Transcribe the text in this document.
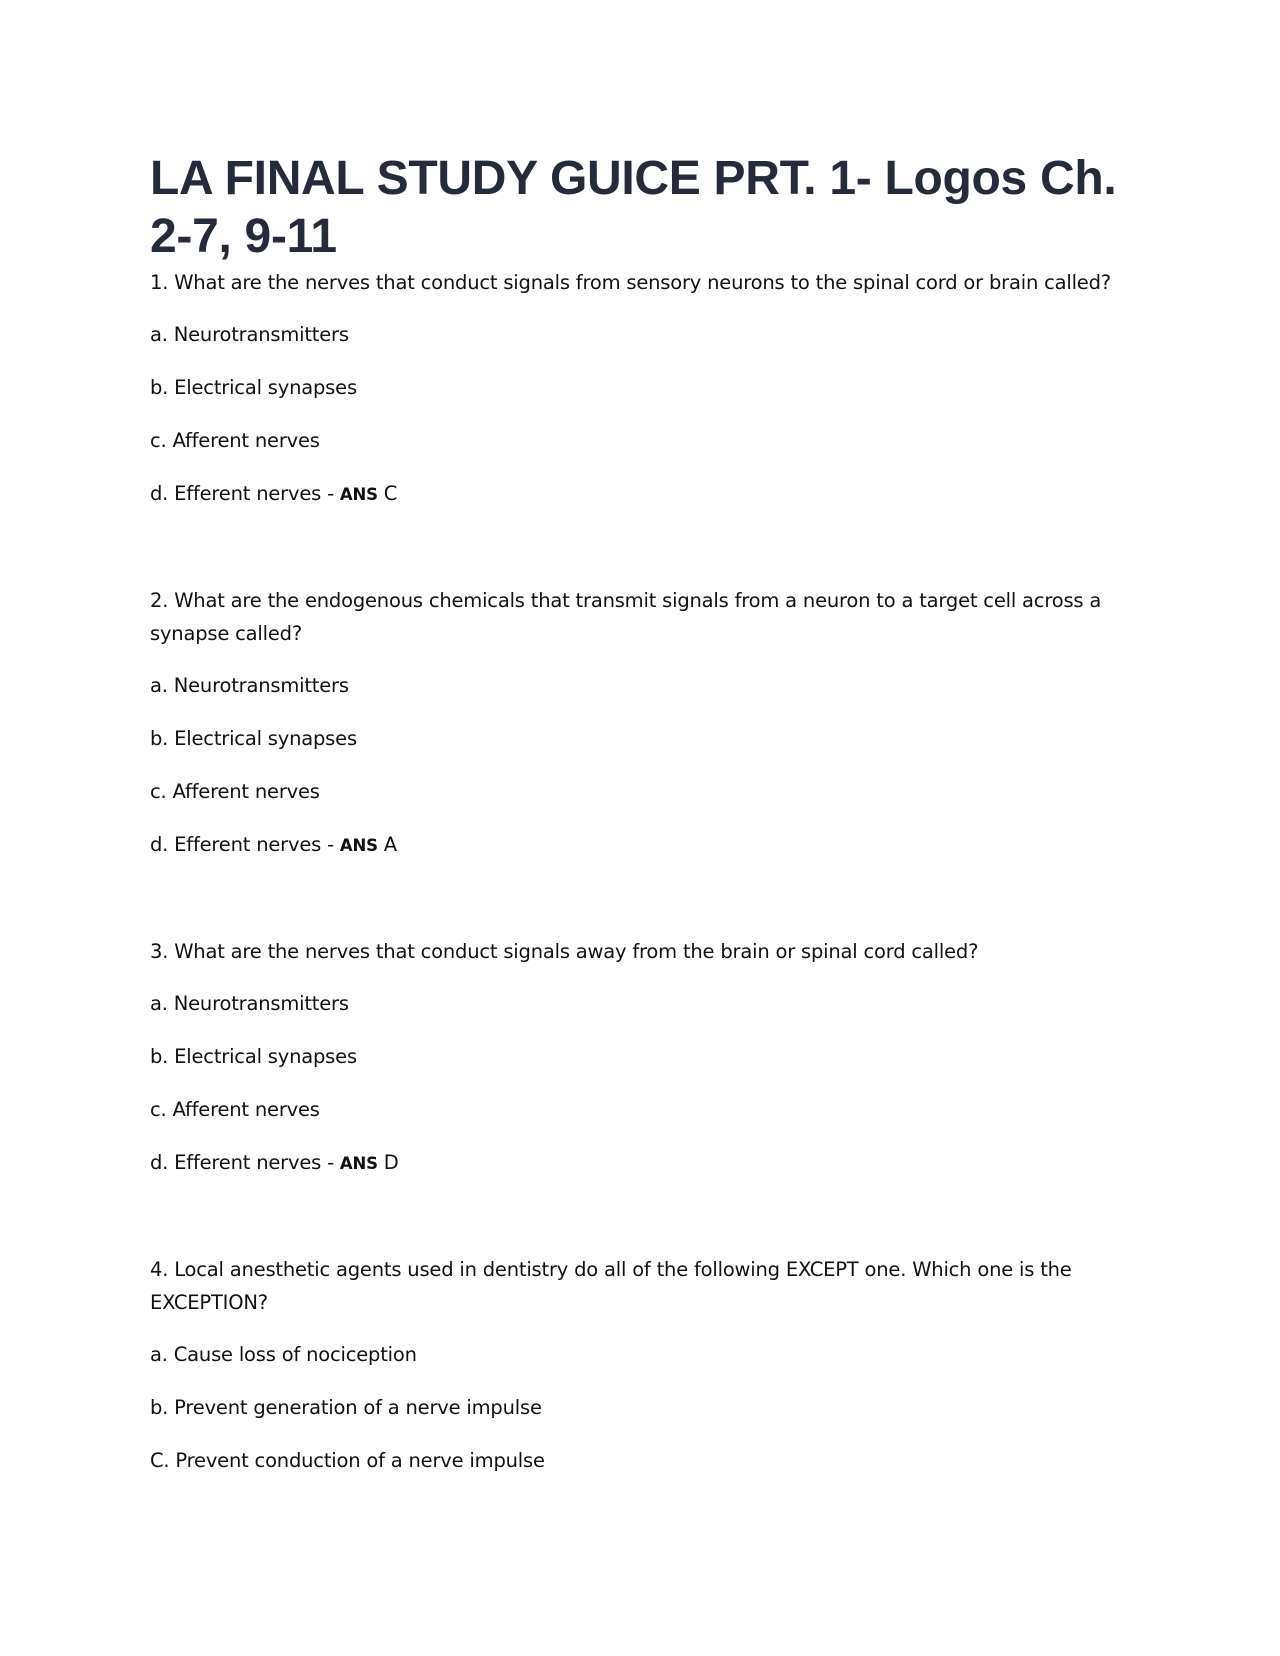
LA FINAL STUDY GUICE PRT. 1- Logos Ch. 2-7, 9-11

1. What are the nerves that conduct signals from sensory neurons to the spinal cord or brain called?

a. Neurotransmitters

b. Electrical synapses

c. Afferent nerves

d. Efferent nerves - ANS C

2. What are the endogenous chemicals that transmit signals from a neuron to a target cell across a synapse called?

a. Neurotransmitters

b. Electrical synapses

c. Afferent nerves

d. Efferent nerves - ANS A

3. What are the nerves that conduct signals away from the brain or spinal cord called?

a. Neurotransmitters

b. Electrical synapses

c. Afferent nerves

d. Efferent nerves - ANS D

4. Local anesthetic agents used in dentistry do all of the following EXCEPT one. Which one is the EXCEPTION?

a. Cause loss of nociception

b. Prevent generation of a nerve impulse

C. Prevent conduction of a nerve impulse
